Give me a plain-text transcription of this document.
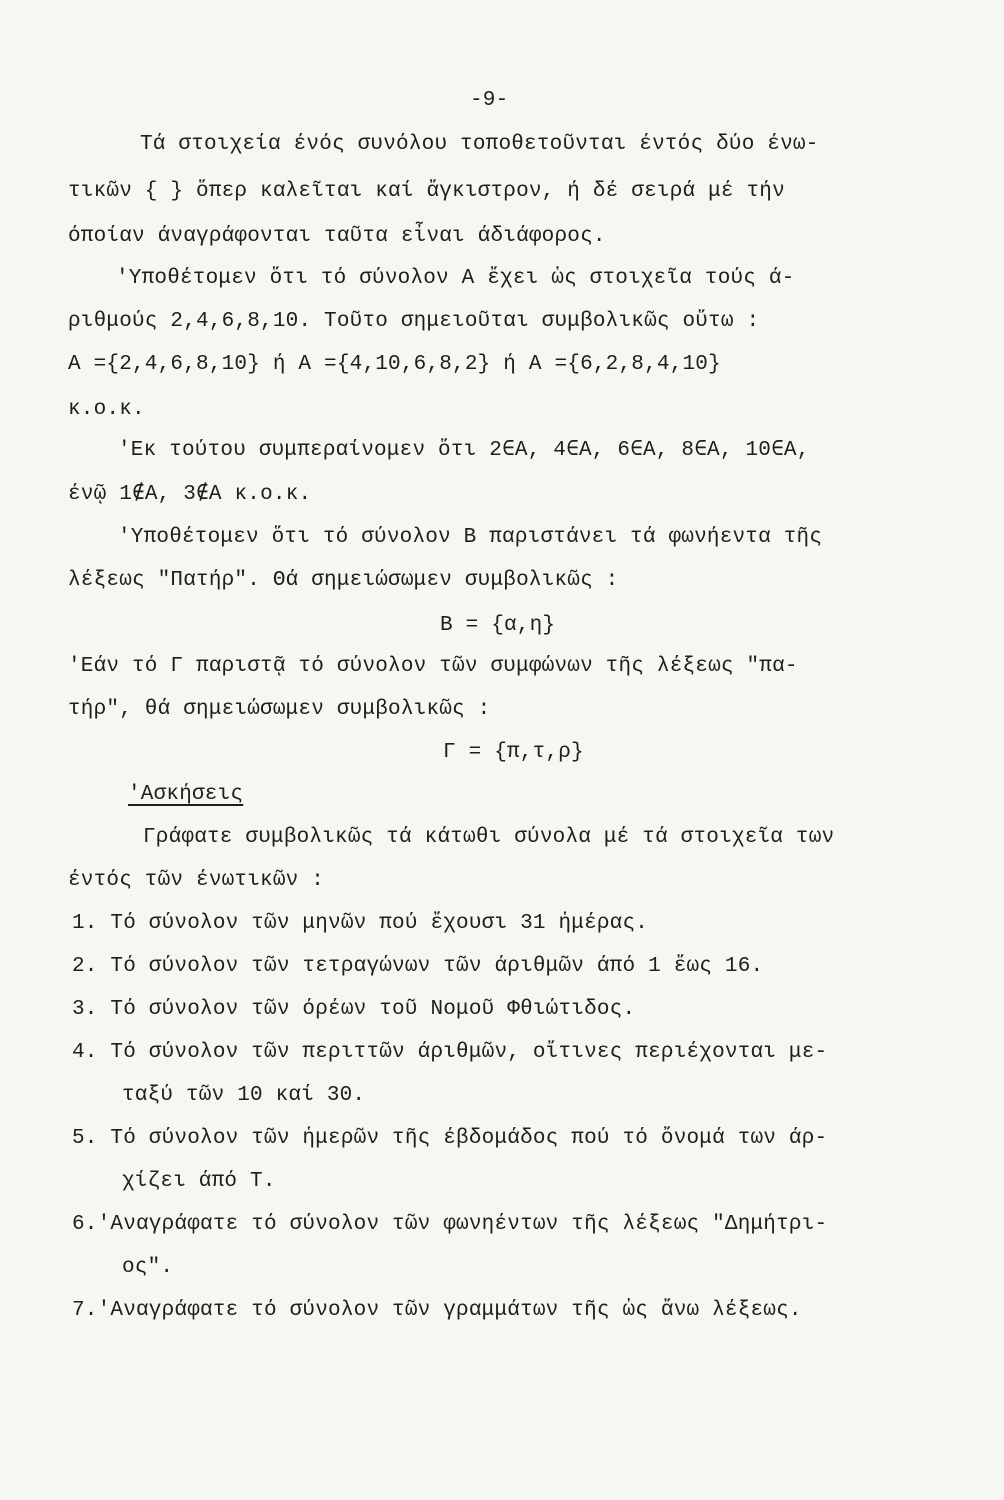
-9-
Τά στοιχεία ένός συνόλου τοποθετοῦνται έντός δύο ένω-
τικῶν { } ὅπερ καλεῖται καί ἄγκιστρον, ή δέ σειρά μέ τήν
όποίαν άναγράφονται ταῦτα εἶναι άδιάφορος.
'Υποθέτομεν ὅτι τό σύνολον Α ἔχει ὡς στοιχεῖα τούς ά-
ριθμούς 2,4,6,8,10. Τοῦτο σημειοῦται συμβολικῶς οὕτω :
Α ={2,4,6,8,10} ή Α ={4,10,6,8,2} ή Α ={6,2,8,4,10}
κ.ο.κ.
'Εκ τούτου συμπεραίνομεν ὅτι 2∈Α, 4∈Α, 6∈Α, 8∈Α, 10∈Α,
ένῷ 1∉Α, 3∉Α κ.ο.κ.
'Υποθέτομεν ὅτι τό σύνολον Β παριστάνει τά φωνήεντα τῆς
λέξεως "Πατήρ". Θά σημειώσωμεν συμβολικῶς :
Β = {α,η}
'Εάν τό Γ παριστᾷ τό σύνολον τῶν συμφώνων τῆς λέξεως "πα-
τήρ", θά σημειώσωμεν συμβολικῶς :
Γ = {π,τ,ρ}
'Ασκήσεις
Γράφατε συμβολικῶς τά κάτωθι σύνολα μέ τά στοιχεῖα των
έντός τῶν ένωτικῶν :
1. Τό σύνολον τῶν μηνῶν πού ἔχουσι 31 ἡμέρας.
2. Τό σύνολον τῶν τετραγώνων τῶν άριθμῶν άπό 1 ἕως 16.
3. Τό σύνολον τῶν όρέων τοῦ Νομοῦ Φθιώτιδος.
4. Τό σύνολον τῶν περιττῶν άριθμῶν, οἵτινες περιέχονται με-
ταξύ τῶν 10 καί 30.
5. Τό σύνολον τῶν ἡμερῶν τῆς έβδομάδος πού τό ὄνομά των άρ-
χίζει άπό Τ.
6.'Αναγράφατε τό σύνολον τῶν φωνηέντων τῆς λέξεως "Δημήτρι-
ος".
7.'Αναγράφατε τό σύνολον τῶν γραμμάτων τῆς ὡς ἄνω λέξεως.
